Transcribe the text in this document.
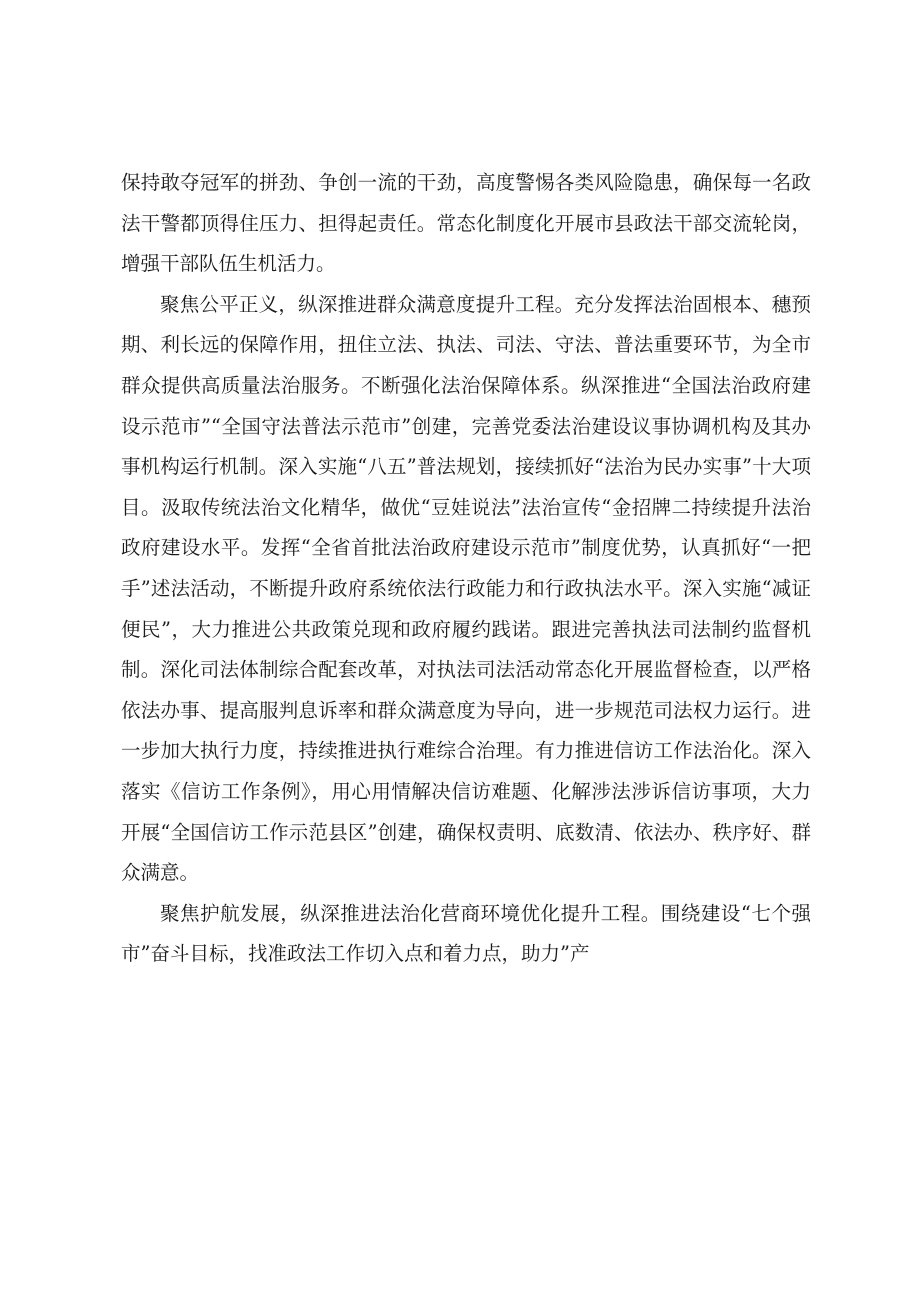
保持敢夺冠军的拼劲、争创一流的干劲，高度警惕各类风险隐患，确保每一名政法干警都顶得住压力、担得起责任。常态化制度化开展市县政法干部交流轮岗，增强干部队伍生机活力。

聚焦公平正义，纵深推进群众满意度提升工程。充分发挥法治固根本、穗预期、利长远的保障作用，扭住立法、执法、司法、守法、普法重要环节，为全市群众提供高质量法治服务。不断强化法治保障体系。纵深推进“全国法治政府建设示范市”“全国守法普法示范市”创建，完善党委法治建设议事协调机构及其办事机构运行机制。深入实施“八五”普法规划，接续抓好“法治为民办实事”十大项目。汲取传统法治文化精华，做优“豆娃说法”法治宣传“金招牌二持续提升法治政府建设水平。发挥“全省首批法治政府建设示范市”制度优势，认真抓好“一把手”述法活动，不断提升政府系统依法行政能力和行政执法水平。深入实施“减证便民”，大力推进公共政策兑现和政府履约践诺。跟进完善执法司法制约监督机制。深化司法体制综合配套改革，对执法司法活动常态化开展监督检查，以严格依法办事、提高服判息诉率和群众满意度为导向，进一步规范司法权力运行。进一步加大执行力度，持续推进执行难综合治理。有力推进信访工作法治化。深入落实《信访工作条例》，用心用情解决信访难题、化解涉法涉诉信访事项，大力开展“全国信访工作示范县区”创建，确保权责明、底数清、依法办、秩序好、群众满意。

聚焦护航发展，纵深推进法治化营商环境优化提升工程。围绕建设“七个强市”奋斗目标，找准政法工作切入点和着力点，助力”产
